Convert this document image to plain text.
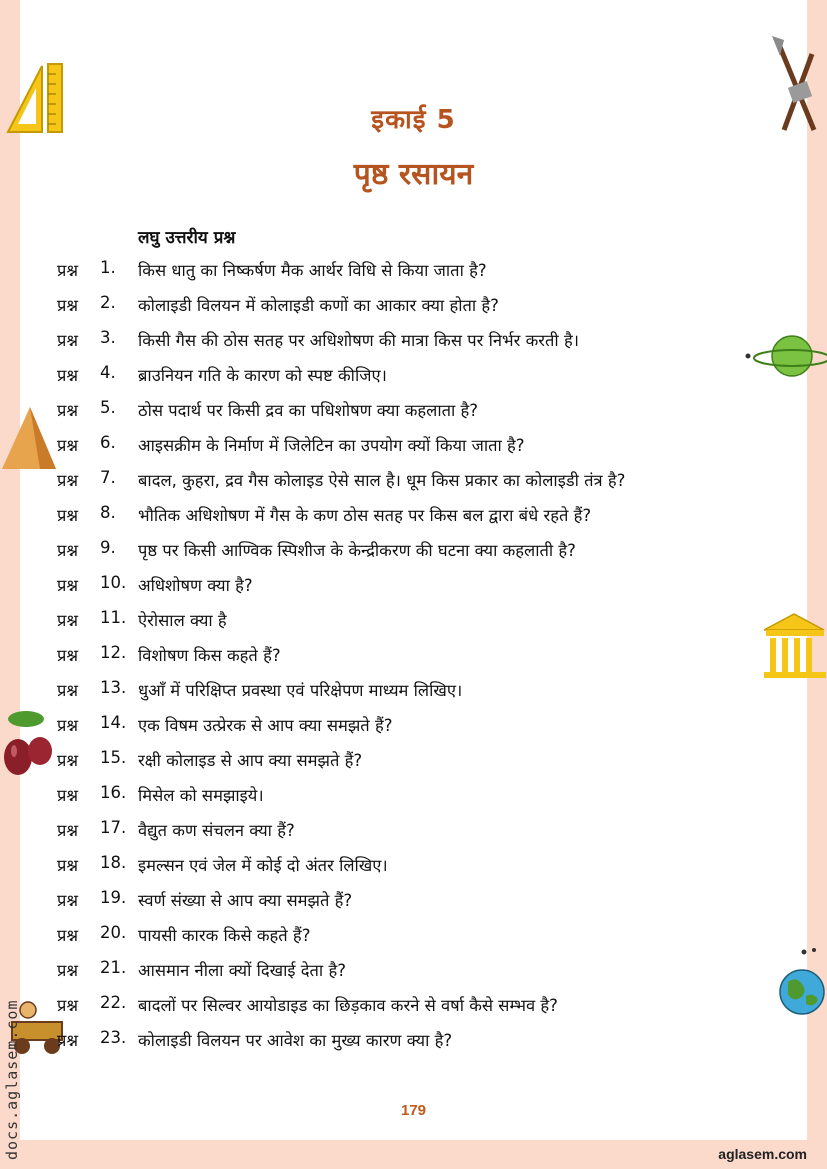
इकाई 5
पृष्ठ रसायन
लघु उत्तरीय प्रश्न
प्रश्न 1. किस धातु का निष्कर्षण मैक आर्थर विधि से किया जाता है?
प्रश्न 2. कोलाइडी विलयन में कोलाइडी कणों का आकार क्या होता है?
प्रश्न 3. किसी गैस की ठोस सतह पर अधिशोषण की मात्रा किस पर निर्भर करती है।
प्रश्न 4. ब्राउनियन गति के कारण को स्पष्ट कीजिए।
प्रश्न 5. ठोस पदार्थ पर किसी द्रव का पधिशोषण क्या कहलाता है?
प्रश्न 6. आइसक्रीम के निर्माण में जिलेटिन का उपयोग क्यों किया जाता है?
प्रश्न 7. बादल, कुहरा, द्रव गैस कोलाइड ऐसे साल है। धूम किस प्रकार का कोलाइडी तंत्र है?
प्रश्न 8. भौतिक अधिशोषण में गैस के कण ठोस सतह पर किस बल द्वारा बंधे रहते हैं?
प्रश्न 9. पृष्ठ पर किसी आण्विक स्पिशीज के केन्द्रीकरण की घटना क्या कहलाती है?
प्रश्न 10. अधिशोषण क्या है?
प्रश्न 11. ऐरोसाल क्या है
प्रश्न 12. विशोषण किस कहते हैं?
प्रश्न 13. धुआँ में परिक्षिप्त प्रवस्था एवं परिक्षेपण माध्यम लिखिए।
प्रश्न 14. एक विषम उत्प्रेरक से आप क्या समझते हैं?
प्रश्न 15. रक्षी कोलाइड से आप क्या समझते हैं?
प्रश्न 16. मिसेल को समझाइये।
प्रश्न 17. वैद्युत कण संचलन क्या हैं?
प्रश्न 18. इमल्सन एवं जेल में कोई दो अंतर लिखिए।
प्रश्न 19. स्वर्ण संख्या से आप क्या समझते हैं?
प्रश्न 20. पायसी कारक किसे कहते हैं?
प्रश्न 21. आसमान नीला क्यों दिखाई देता है?
प्रश्न 22. बादलों पर सिल्वर आयोडाइड का छिड़काव करने से वर्षा कैसे सम्भव है?
प्रश्न 23. कोलाइडी विलयन पर आवेश का मुख्य कारण क्या है?
179
aglasem.com
docs.aglasem.com
